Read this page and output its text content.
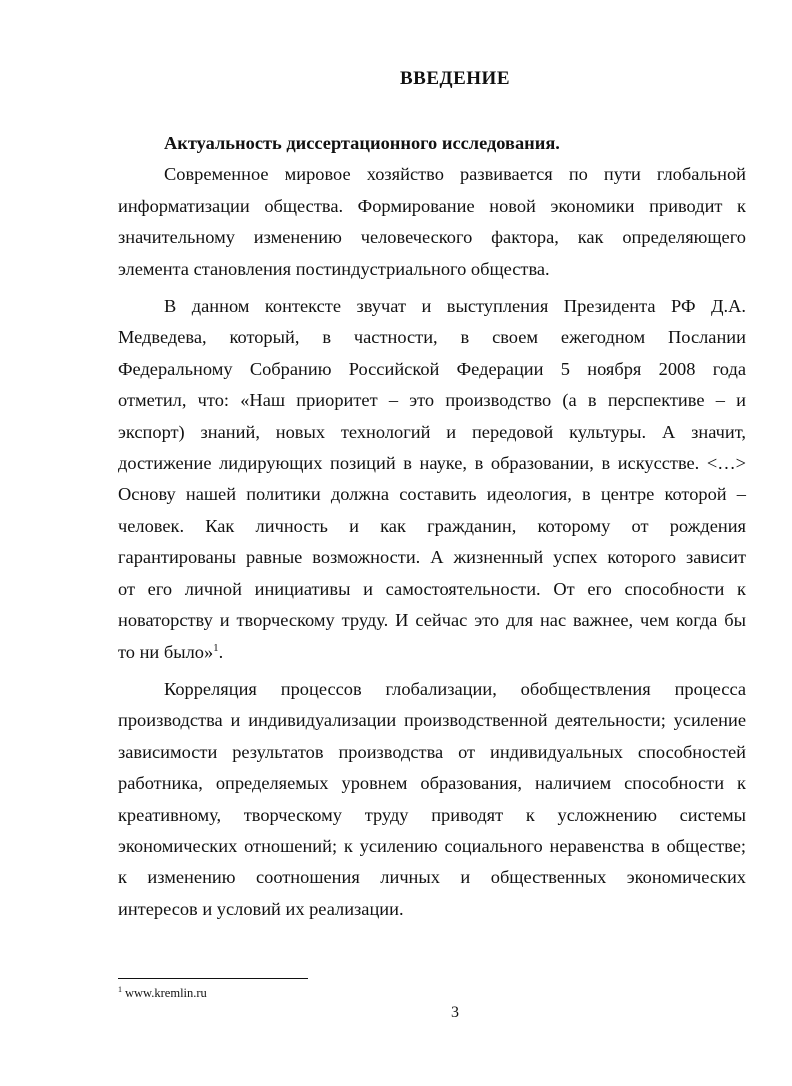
ВВЕДЕНИЕ

Актуальность диссертационного исследования.

Современное мировое хозяйство развивается по пути глобальной
информатизации общества. Формирование новой экономики приводит к
значительному изменению человеческого фактора, как определяющего
элемента становления постиндустриального общества.

В данном контексте звучат и выступления Президента РФ Д.А.
Медведева, который, в частности, в своем ежегодном Послании
Федеральному Собранию Российской Федерации 5 ноября 2008 года
отметил, что: «Наш приоритет – это производство (а в перспективе – и
экспорт) знаний, новых технологий и передовой культуры. А значит,
достижение лидирующих позиций в науке, в образовании, в искусстве. <…>
Основу нашей политики должна составить идеология, в центре которой –
человек. Как личность и как гражданин, которому от рождения
гарантированы равные возможности. А жизненный успех которого зависит
от его личной инициативы и самостоятельности. От его способности к
новаторству и творческому труду. И сейчас это для нас важнее, чем когда бы
то ни было»$^1$.

Корреляция процессов глобализации, обобществления процесса
производства и индивидуализации производственной деятельности; усиление
зависимости результатов производства от индивидуальных способностей
работника, определяемых уровнем образования, наличием способности к
креативному, творческому труду приводят к усложнению системы
экономических отношений; к усилению социального неравенства в обществе;
к изменению соотношения личных и общественных экономических
интересов и условий их реализации.

$^1$ www.kremlin.ru
3
